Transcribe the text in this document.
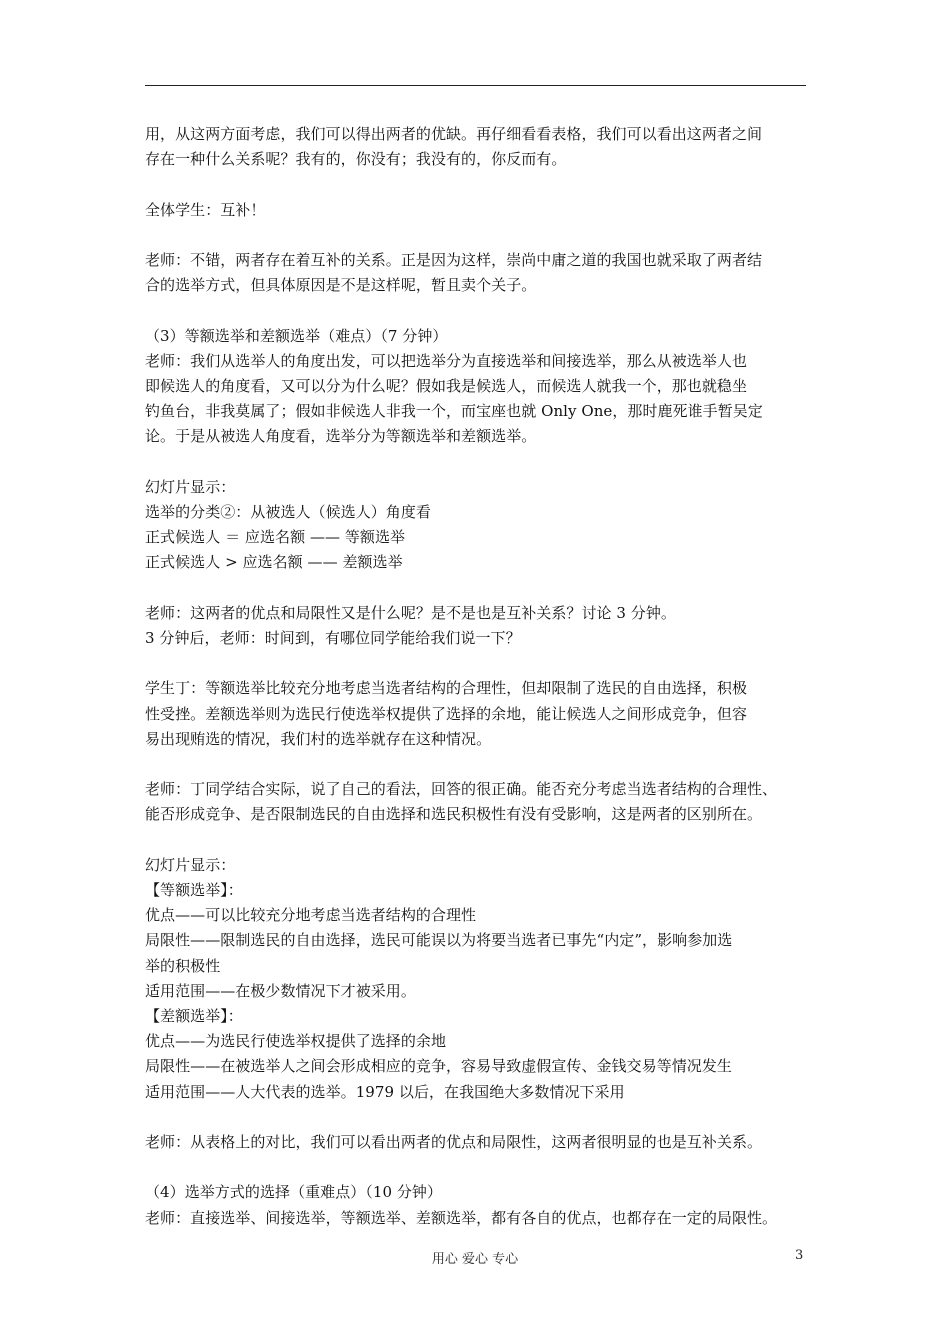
用，从这两方面考虑，我们可以得出两者的优缺。再仔细看看表格，我们可以看出这两者之间

存在一种什么关系呢？我有的，你没有；我没有的，你反而有。

全体学生：互补！

老师：不错，两者存在着互补的关系。正是因为这样，崇尚中庸之道的我国也就采取了两者结

合的选举方式，但具体原因是不是这样呢，暂且卖个关子。

（3）等额选举和差额选举（难点）（7 分钟）

老师：我们从选举人的角度出发，可以把选举分为直接选举和间接选举，那么从被选举人也

即候选人的角度看，又可以分为什么呢？假如我是候选人，而候选人就我一个，那也就稳坐

钓鱼台，非我莫属了；假如非候选人非我一个，而宝座也就 Only One，那时鹿死谁手暂吴定

论。于是从被选人角度看，选举分为等额选举和差额选举。

幻灯片显示：

选举的分类②：从被选人（候选人）角度看

正式候选人 ＝ 应选名额 —— 等额选举

正式候选人 > 应选名额 —— 差额选举

老师：这两者的优点和局限性又是什么呢？是不是也是互补关系？讨论 3 分钟。

3 分钟后，老师：时间到，有哪位同学能给我们说一下？

学生丁：等额选举比较充分地考虑当选者结构的合理性，但却限制了选民的自由选择，积极

性受挫。差额选举则为选民行使选举权提供了选择的余地，能让候选人之间形成竞争，但容

易出现贿选的情况，我们村的选举就存在这种情况。

老师：丁同学结合实际，说了自己的看法，回答的很正确。能否充分考虑当选者结构的合理性、

能否形成竞争、是否限制选民的自由选择和选民积极性有没有受影响，这是两者的区别所在。

幻灯片显示：

【等额选举】：

优点——可以比较充分地考虑当选者结构的合理性

局限性——限制选民的自由选择，选民可能误以为将要当选者已事先“内定”，影响参加选

举的积极性

适用范围——在极少数情况下才被采用。

【差额选举】：

优点——为选民行使选举权提供了选择的余地

局限性——在被选举人之间会形成相应的竞争，容易导致虚假宣传、金钱交易等情况发生

适用范围——人大代表的选举。1979 以后，在我国绝大多数情况下采用

老师：从表格上的对比，我们可以看出两者的优点和局限性，这两者很明显的也是互补关系。

（4）选举方式的选择（重难点）（10 分钟）

老师：直接选举、间接选举，等额选举、差额选举，都有各自的优点，也都存在一定的局限性。

用心 爱心 专心	3
